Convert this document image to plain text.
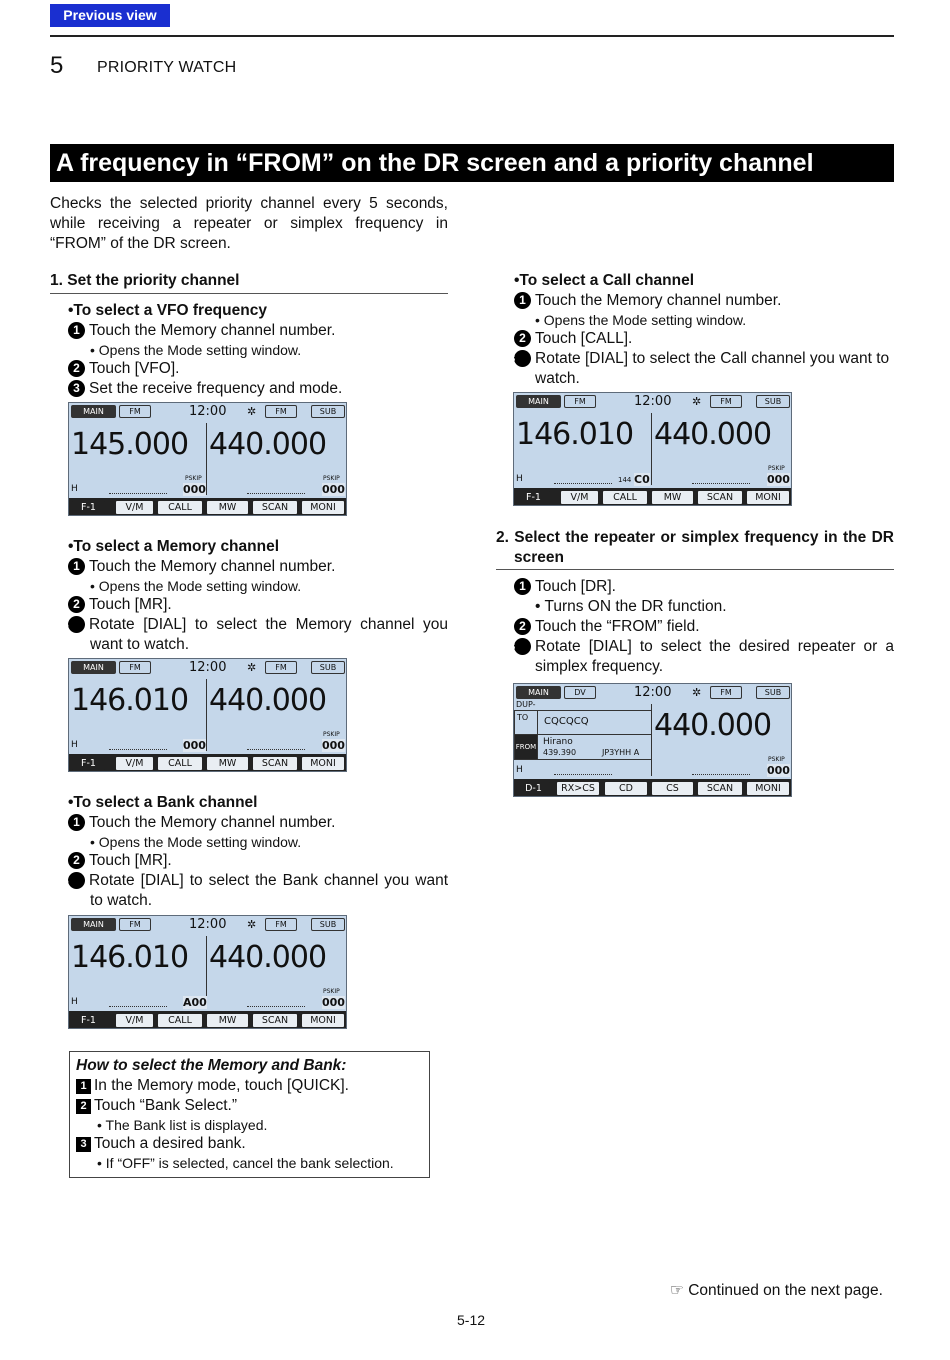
Previous view
5 PRIORITY WATCH
A frequency in “FROM” on the DR screen and a priority channel
Checks the selected priority channel every 5 seconds, while receiving a repeater or simplex frequency in “FROM” of the DR screen.
1. Set the priority channel
•To select a VFO frequency
1 Touch the Memory channel number.
• Opens the Mode setting window.
2 Touch [VFO].
3 Set the receive frequency and mode.
MAIN	FM	12:00 ✲	FM	SUB
145.000 440.000
PSKIP	PSKIP
H	000	000
F-1	V/M	CALL	MW	SCAN	MONI
•To select a Memory channel
1 Touch the Memory channel number.
• Opens the Mode setting window.
2 Touch [MR].
3 Rotate [DIAL] to select the Memory channel you want to watch.
MAIN	FM	12:00 ✲	FM	SUB
146.010 440.000
PSKIP
H	000	000
F-1	V/M	CALL	MW	SCAN	MONI
•To select a Bank channel
1 Touch the Memory channel number.
• Opens the Mode setting window.
2 Touch [MR].
3 Rotate [DIAL] to select the Bank channel you want to watch.
MAIN	FM	12:00 ✲	FM	SUB
146.010 440.000
PSKIP
H	A00	000
F-1	V/M	CALL	MW	SCAN	MONI
How to select the Memory and Bank:
1 In the Memory mode, touch [QUICK].
2 Touch “Bank Select.”
• The Bank list is displayed.
3 Touch a desired bank.
• If “OFF” is selected, cancel the bank selection.
•To select a Call channel
1 Touch the Memory channel number.
• Opens the Mode setting window.
2 Touch [CALL].
3 Rotate [DIAL] to select the Call channel you want to watch.
MAIN	FM	12:00 ✲	FM	SUB
146.010 440.000
PSKIP
H	144 C0	000
F-1	V/M	CALL	MW	SCAN	MONI
2. Select the repeater or simplex frequency in the DR screen
1 Touch [DR].
• Turns ON the DR function.
2 Touch the “FROM” field.
3 Rotate [DIAL] to select the desired repeater or a simplex frequency.
MAIN	DV	12:00 ✲	FM	SUB
DUP-
TO	CQCQCQ
FROM Hirano
439.390	JP3YHH A
440.000
PSKIP
H	000
D-1	RX>CS	CD	CS	SCAN	MONI
☞ Continued on the next page.
5-12
